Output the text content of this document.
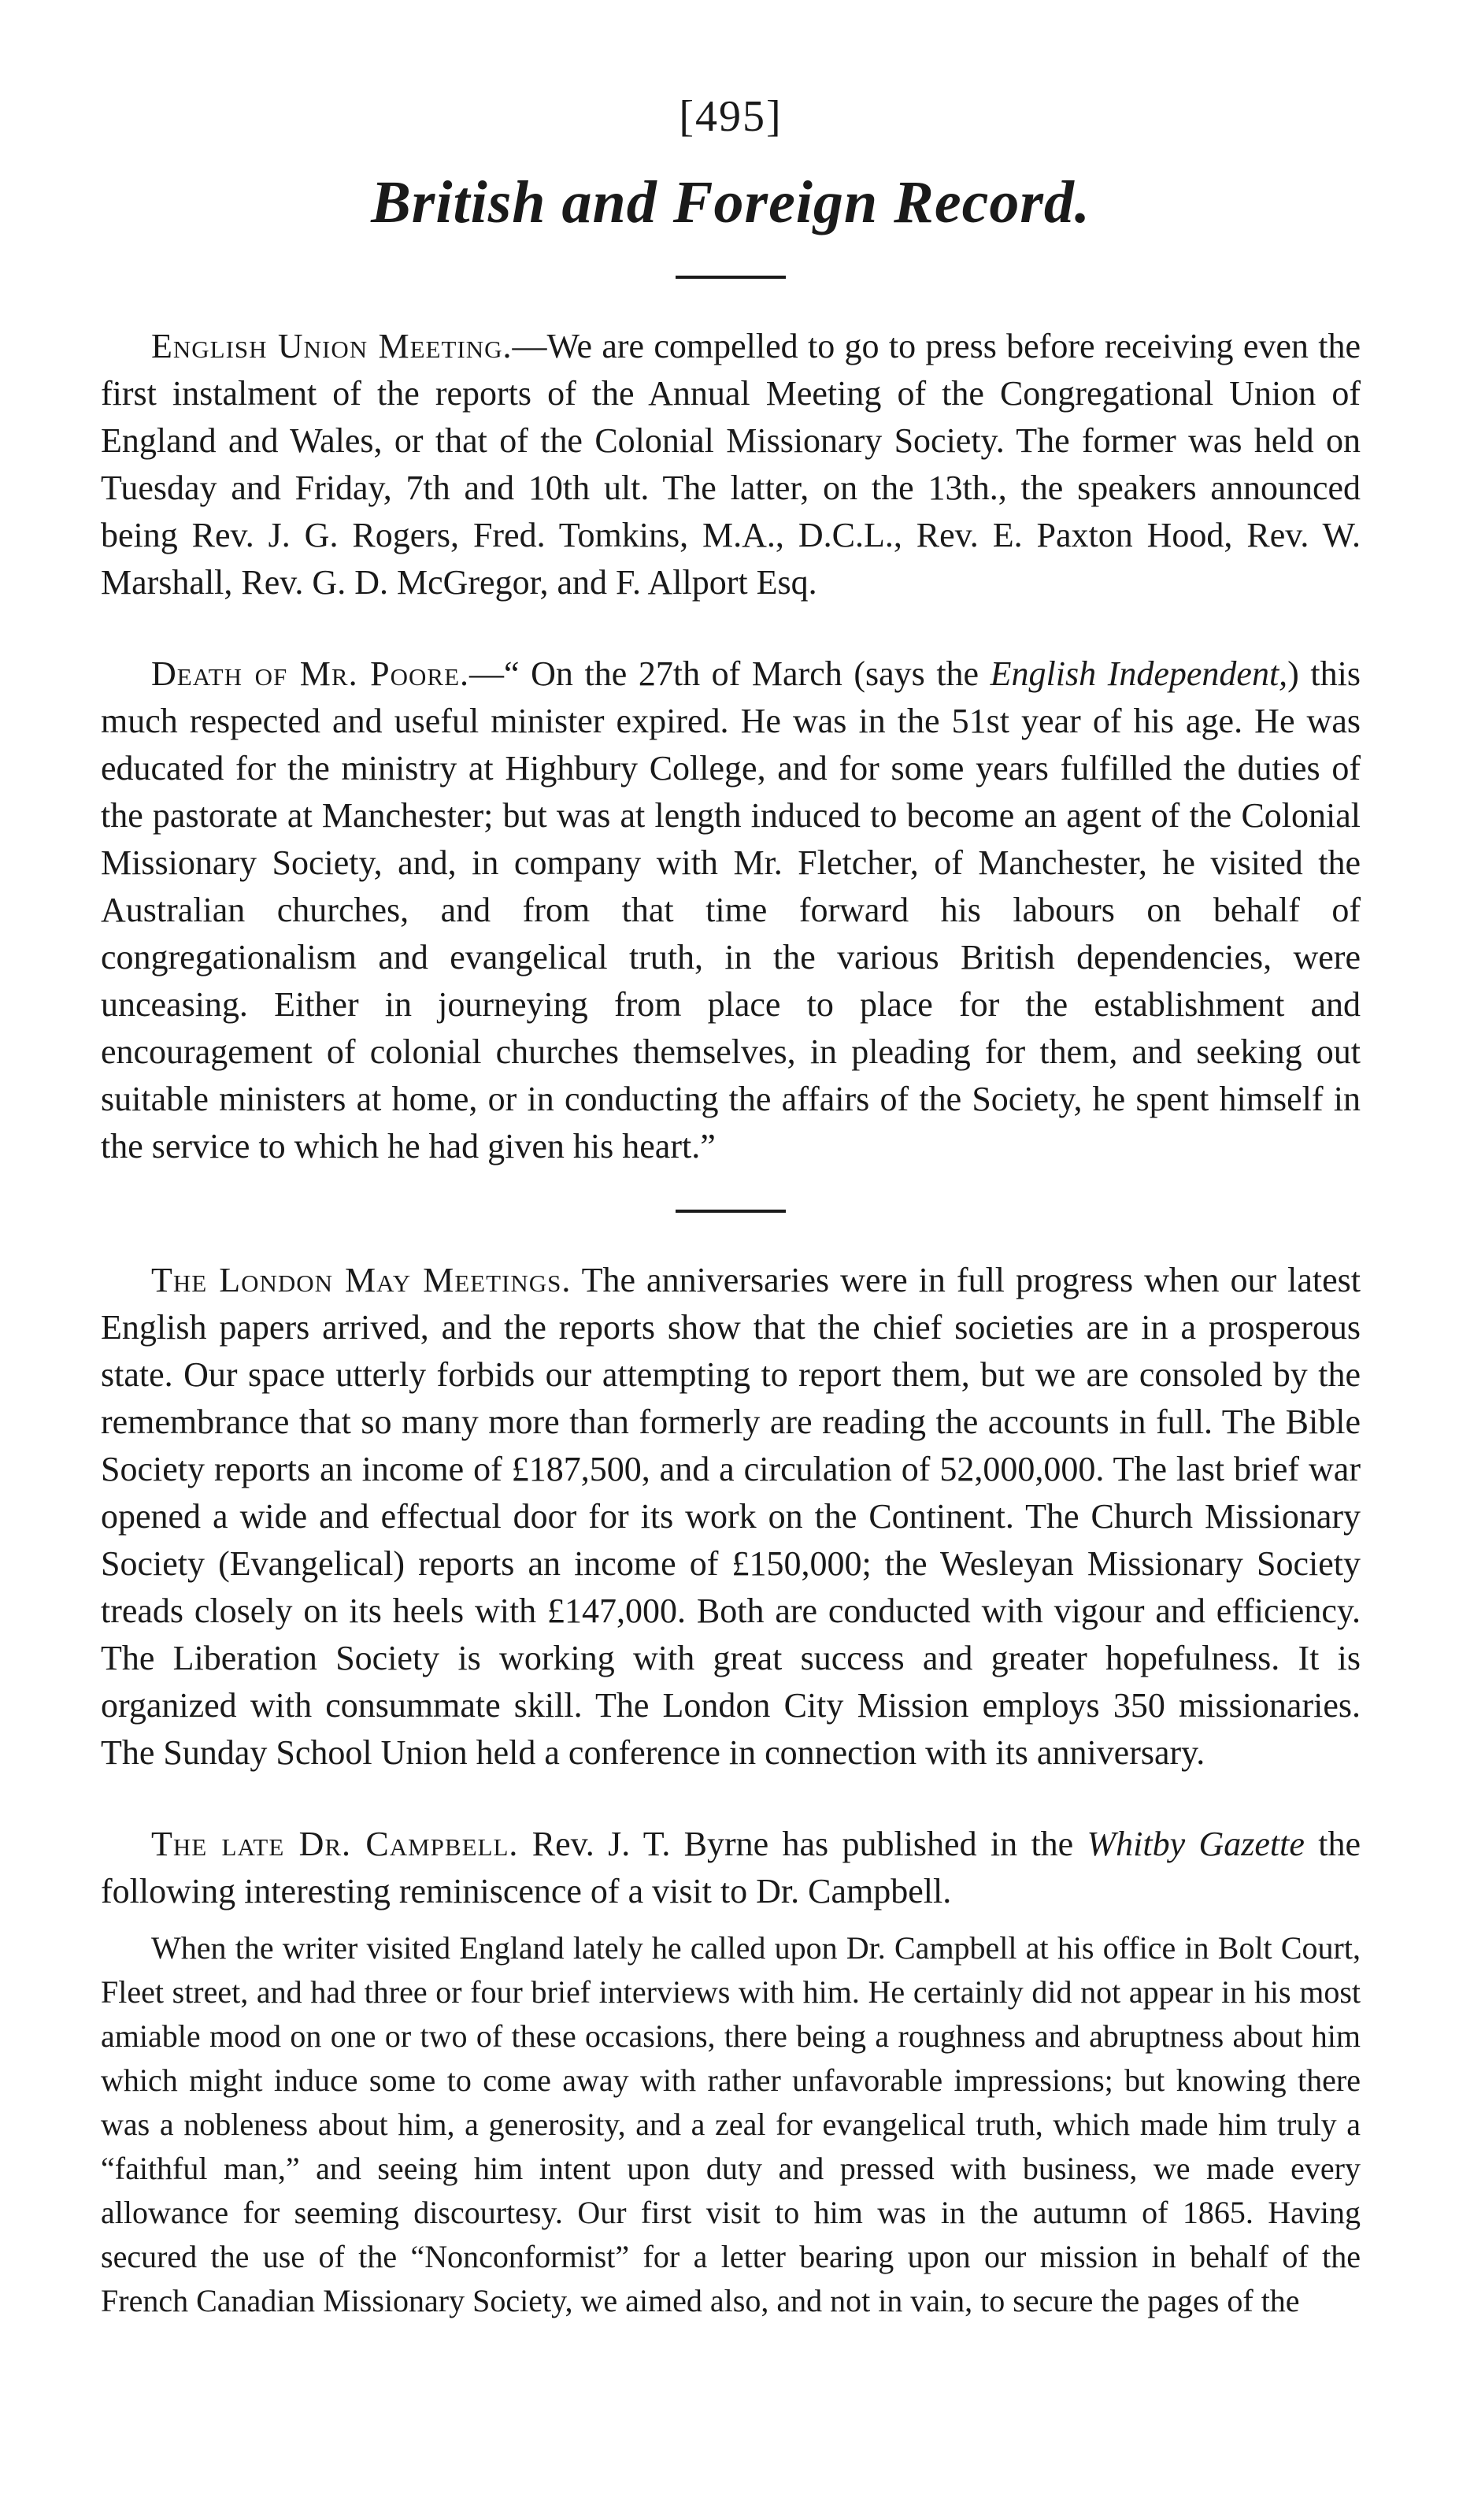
[495]
British and Foreign Record.

English Union Meeting.—We are compelled to go to press before receiving even the first instalment of the reports of the Annual Meeting of the Congregational Union of England and Wales, or that of the Colonial Missionary Society. The former was held on Tuesday and Friday, 7th and 10th ult. The latter, on the 13th., the speakers announced being Rev. J. G. Rogers, Fred. Tomkins, M.A., D.C.L., Rev. E. Paxton Hood, Rev. W. Marshall, Rev. G. D. McGregor, and F. Allport Esq.

Death of Mr. Poore.—“ On the 27th of March (says the English Independent,) this much respected and useful minister expired. He was in the 51st year of his age. He was educated for the ministry at Highbury College, and for some years fulfilled the duties of the pastorate at Manchester; but was at length induced to become an agent of the Colonial Missionary Society, and, in company with Mr. Fletcher, of Manchester, he visited the Australian churches, and from that time forward his labours on behalf of congregationalism and evangelical truth, in the various British dependencies, were unceasing. Either in journeying from place to place for the establishment and encouragement of colonial churches themselves, in pleading for them, and seeking out suitable ministers at home, or in conducting the affairs of the Society, he spent himself in the service to which he had given his heart.”

The London May Meetings. The anniversaries were in full progress when our latest English papers arrived, and the reports show that the chief societies are in a prosperous state. Our space utterly forbids our attempting to report them, but we are consoled by the remembrance that so many more than formerly are reading the accounts in full. The Bible Society reports an income of £187,500, and a circulation of 52,000,000. The last brief war opened a wide and effectual door for its work on the Continent. The Church Missionary Society (Evangelical) reports an income of £150,000; the Wesleyan Missionary Society treads closely on its heels with £147,000. Both are conducted with vigour and efficiency. The Liberation Society is working with great success and greater hopefulness. It is organized with consummate skill. The London City Mission employs 350 missionaries. The Sunday School Union held a conference in connection with its anniversary.

The late Dr. Campbell. Rev. J. T. Byrne has published in the Whitby Gazette the following interesting reminiscence of a visit to Dr. Campbell.

When the writer visited England lately he called upon Dr. Campbell at his office in Bolt Court, Fleet street, and had three or four brief interviews with him. He certainly did not appear in his most amiable mood on one or two of these occasions, there being a roughness and abruptness about him which might induce some to come away with rather unfavorable impressions; but knowing there was a nobleness about him, a generosity, and a zeal for evangelical truth, which made him truly a “faithful man,” and seeing him intent upon duty and pressed with business, we made every allowance for seeming discourtesy. Our first visit to him was in the autumn of 1865. Having secured the use of the “Nonconformist” for a letter bearing upon our mission in behalf of the French Canadian Missionary Society, we aimed also, and not in vain, to secure the pages of the
